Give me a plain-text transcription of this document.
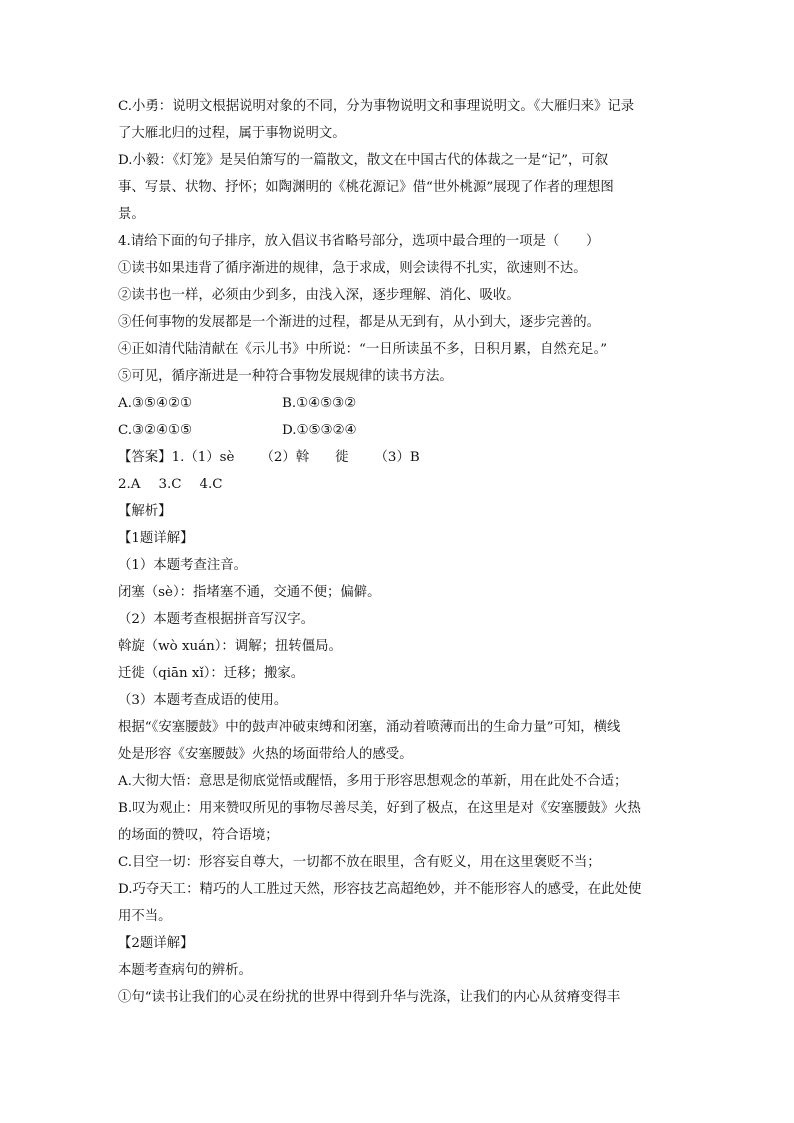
C.小勇：说明文根据说明对象的不同，分为事物说明文和事理说明文。《大雁归来》记录
了大雁北归的过程，属于事物说明文。
D.小毅：《灯笼》是吴伯箫写的一篇散文，散文在中国古代的体裁之一是“记”，可叙
事、写景、状物、抒怀；如陶渊明的《桃花源记》借“世外桃源”展现了作者的理想图
景。
4.请给下面的句子排序，放入倡议书省略号部分，选项中最合理的一项是（　　）
①读书如果违背了循序渐进的规律，急于求成，则会读得不扎实，欲速则不达。
②读书也一样，必须由少到多，由浅入深，逐步理解、消化、吸收。
③任何事物的发展都是一个渐进的过程，都是从无到有，从小到大，逐步完善的。
④正如清代陆清献在《示儿书》中所说：“一日所读虽不多，日积月累，自然充足。”
⑤可见，循序渐进是一种符合事物发展规律的读书方法。
A.③⑤④②①	B.①④⑤③②
C.③②④①⑤	D.①⑤③②④
【答案】1.（1）sè （2）斡 徙 （3）B
2.A 3.C 4.C
【解析】
【1题详解】
（1）本题考查注音。
闭塞（sè）：指堵塞不通，交通不便；偏僻。
（2）本题考查根据拼音写汉字。
斡旋（wò xuán）：调解；扭转僵局。
迁徙（qiān xǐ）：迁移；搬家。
（3）本题考查成语的使用。
根据“《安塞腰鼓》中的鼓声冲破束缚和闭塞，涌动着喷薄而出的生命力量”可知，横线
处是形容《安塞腰鼓》火热的场面带给人的感受。
A.大彻大悟：意思是彻底觉悟或醒悟，多用于形容思想观念的革新，用在此处不合适；
B.叹为观止：用来赞叹所见的事物尽善尽美，好到了极点，在这里是对《安塞腰鼓》火热
的场面的赞叹，符合语境；
C.目空一切：形容妄自尊大，一切都不放在眼里，含有贬义，用在这里褒贬不当；
D.巧夺天工：精巧的人工胜过天然，形容技艺高超绝妙，并不能形容人的感受，在此处使
用不当。
【2题详解】
本题考查病句的辨析。
①句“读书让我们的心灵在纷扰的世界中得到升华与洗涤，让我们的内心从贫瘠变得丰
